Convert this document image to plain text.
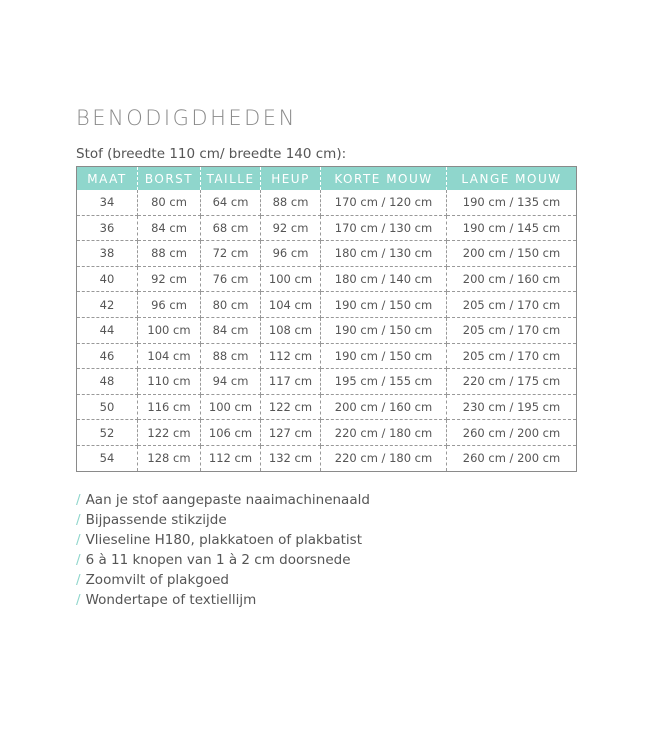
BENODIGDHEDEN
Stof (breedte 110 cm/ breedte 140 cm):
MAAT	BORST	TAILLE	HEUP	KORTE MOUW	LANGE MOUW
34	80 cm	64 cm	88 cm	170 cm / 120 cm	190 cm / 135 cm
36	84 cm	68 cm	92 cm	170 cm / 130 cm	190 cm / 145 cm
38	88 cm	72 cm	96 cm	180 cm / 130 cm	200 cm / 150 cm
40	92 cm	76 cm	100 cm	180 cm / 140 cm	200 cm / 160 cm
42	96 cm	80 cm	104 cm	190 cm / 150 cm	205 cm / 170 cm
44	100 cm	84 cm	108 cm	190 cm / 150 cm	205 cm / 170 cm
46	104 cm	88 cm	112 cm	190 cm / 150 cm	205 cm / 170 cm
48	110 cm	94 cm	117 cm	195 cm / 155 cm	220 cm / 175 cm
50	116 cm	100 cm	122 cm	200 cm / 160 cm	230 cm / 195 cm
52	122 cm	106 cm	127 cm	220 cm / 180 cm	260 cm / 200 cm
54	128 cm	112 cm	132 cm	220 cm / 180 cm	260 cm / 200 cm
/ Aan je stof aangepaste naaimachinenaald
/ Bijpassende stikzijde
/ Vlieseline H180, plakkatoen of plakbatist
/ 6 à 11 knopen van 1 à 2 cm doorsnede
/ Zoomvilt of plakgoed
/ Wondertape of textiellijm
